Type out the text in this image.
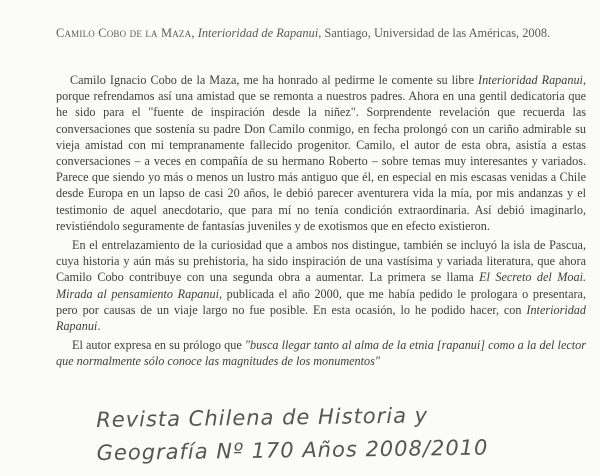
Camilo Cobo de la Maza, Interioridad de Rapanui, Santiago, Universidad de las Américas, 2008.

Camilo Ignacio Cobo de la Maza, me ha honrado al pedirme le comente su libre Interioridad Rapanui, porque refrendamos así una amistad que se remonta a nuestros padres. Ahora en una gentil dedicatoria que he sido para el "fuente de inspiración desde la niñez". Sorprendente revelación que recuerda las conversaciones que sostenía su padre Don Camilo conmigo, en fecha prolongó con un cariño admirable su vieja amistad con mi tempranamente fallecido progenitor. Camilo, el autor de esta obra, asistía a estas conversaciones – a veces en compañía de su hermano Roberto – sobre temas muy interesantes y variados. Parece que siendo yo más o menos un lustro más antiguo que él, en especial en mis escasas venidas a Chile desde Europa en un lapso de casi 20 años, le debió parecer aventurera vida la mía, por mis andanzas y el testimonio de aquel anecdotario, que para mí no tenía condición extraordinaria. Así debió imaginarlo, revistiéndolo seguramente de fantasías juveniles y de exotismos que en efecto existieron.

En el entrelazamiento de la curiosidad que a ambos nos distingue, también se incluyó la isla de Pascua, cuya historia y aún más su prehistoria, ha sido inspiración de una vastísima y variada literatura, que ahora Camilo Cobo contribuye con una segunda obra a aumentar. La primera se llama El Secreto del Moai. Mirada al pensamiento Rapanui, publicada el año 2000, que me había pedido le prologara o presentara, pero por causas de un viaje largo no fue posible. En esta ocasión, lo he podido hacer, con Interioridad Rapanui.

El autor expresa en su prólogo que "busca llegar tanto al alma de la etnia [rapanui] como a la del lector que normalmente sólo conoce las magnitudes de los monumentos"

Revista Chilena de Historia y
Geografía Nº 170 Años 2008/2010
